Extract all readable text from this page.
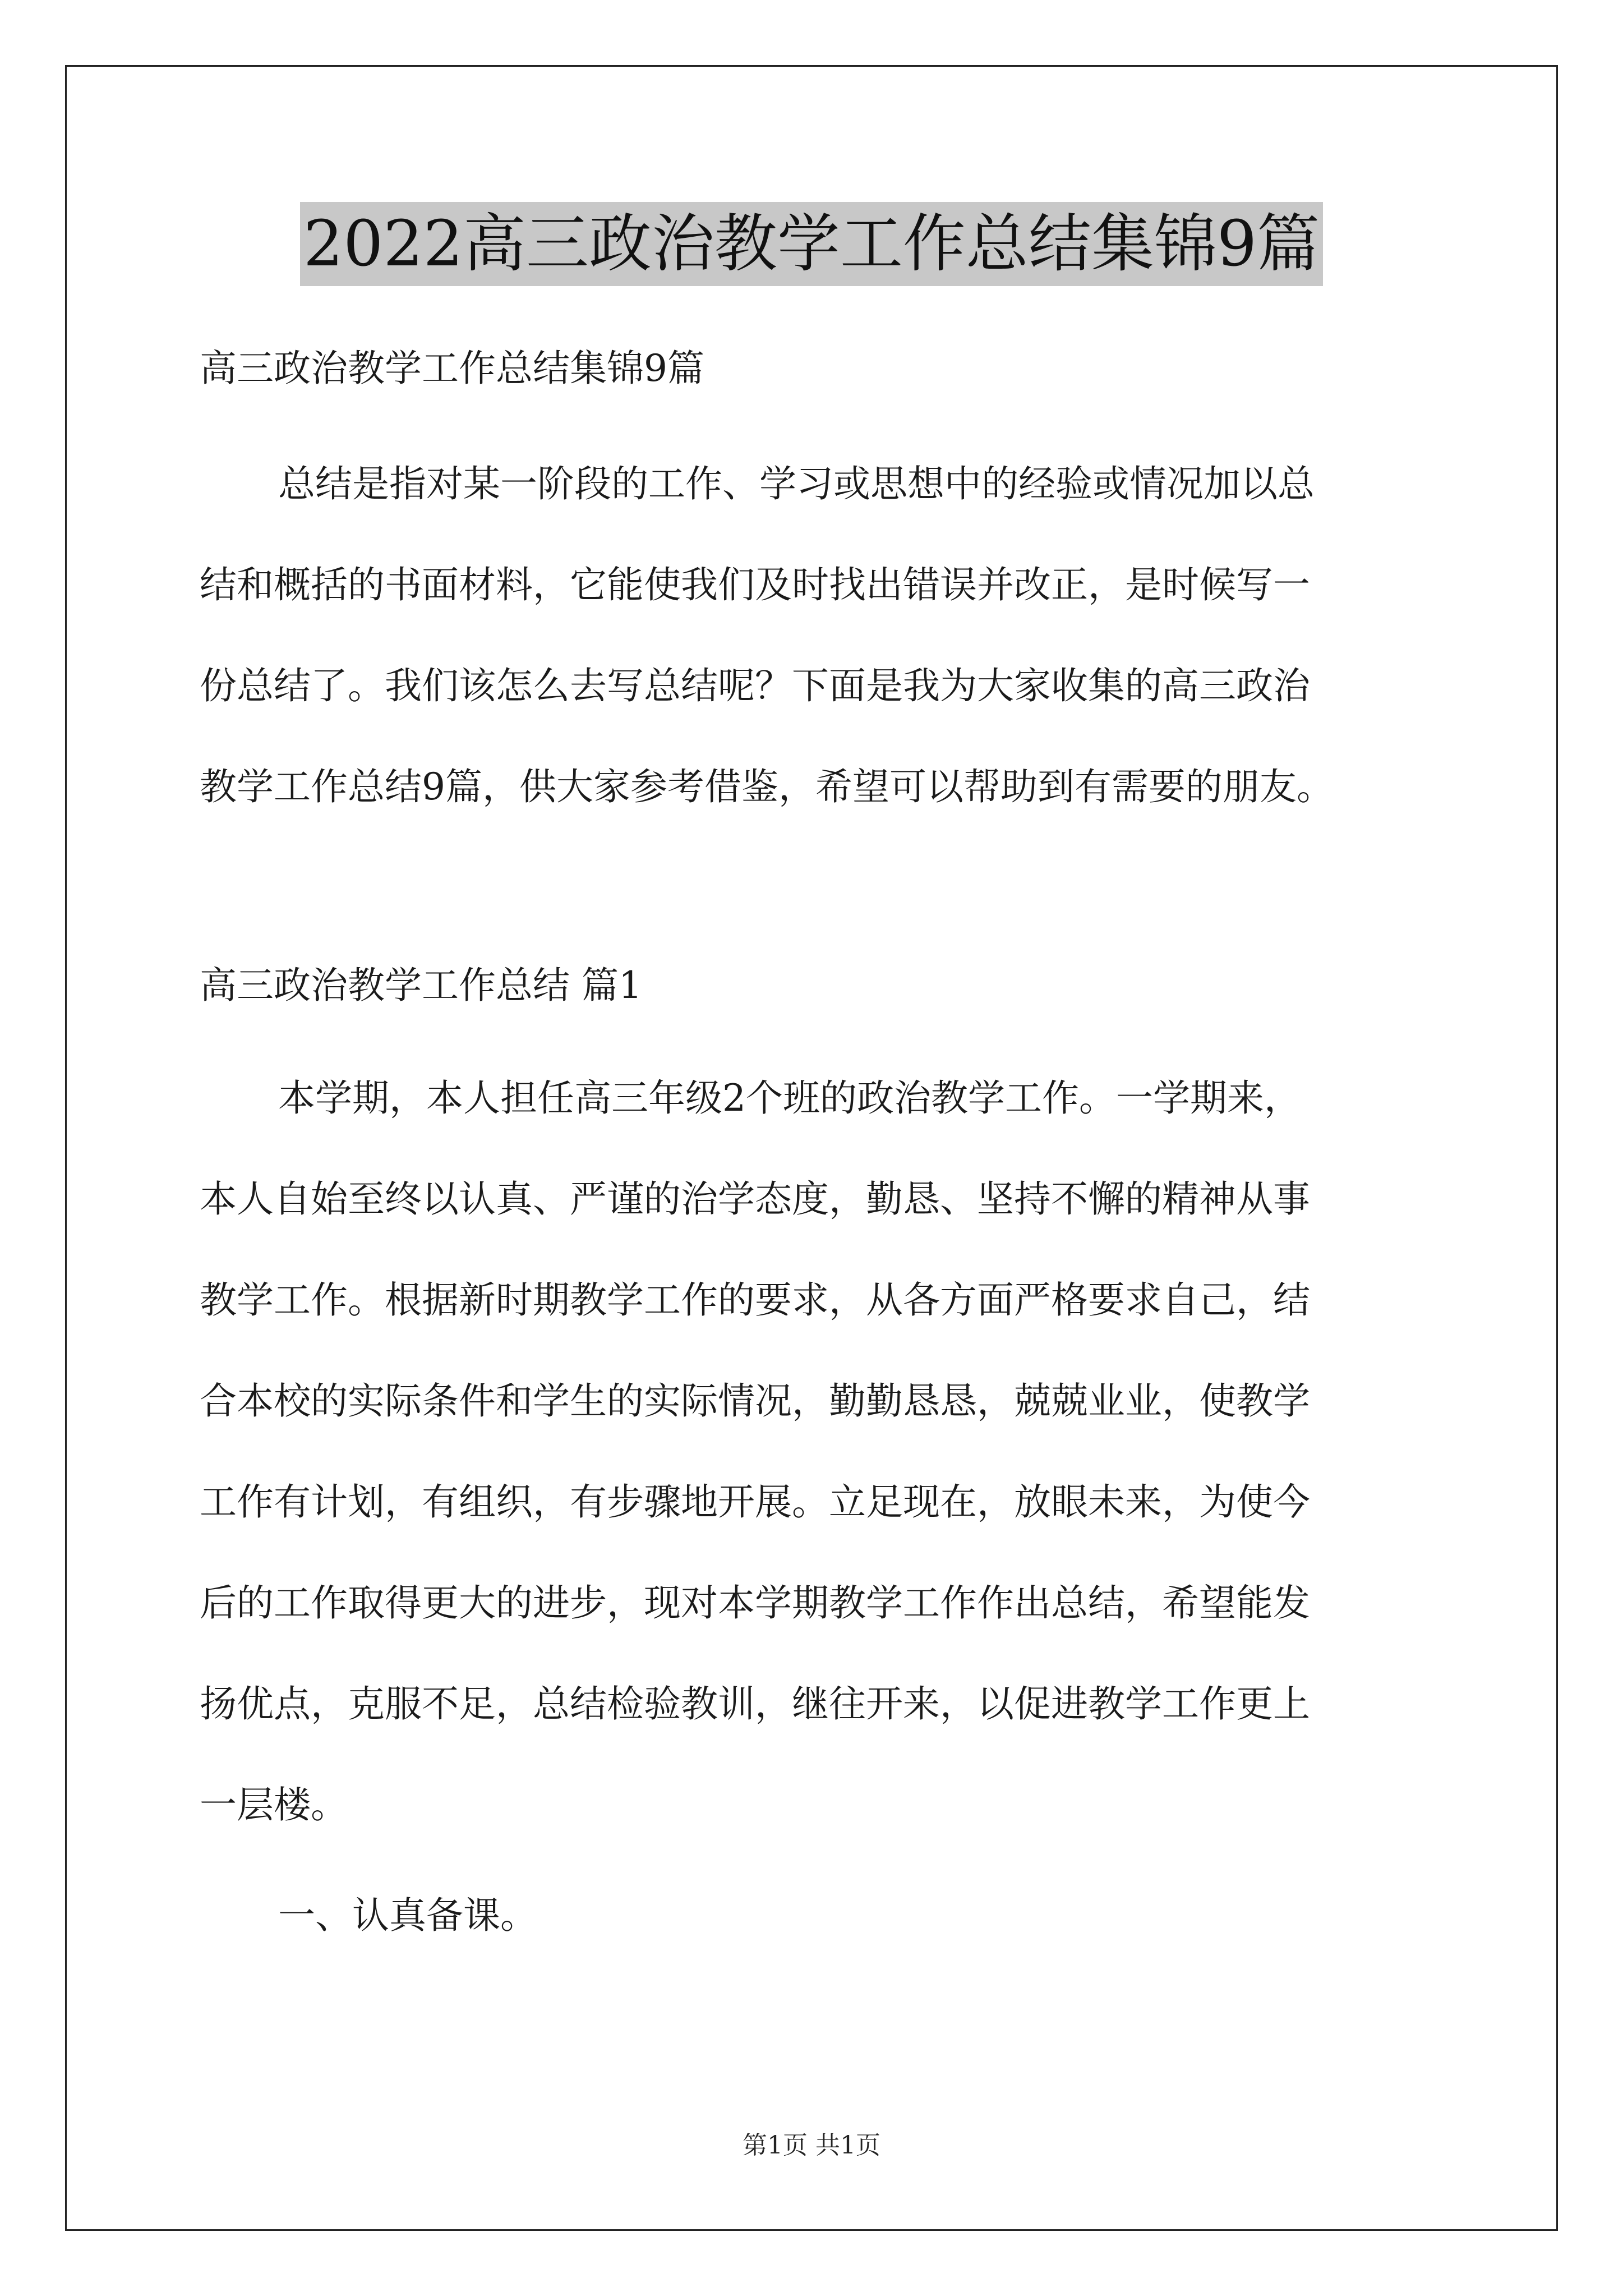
2022高三政治教学工作总结集锦9篇
高三政治教学工作总结集锦9篇
总结是指对某一阶段的工作、学习或思想中的经验或情况加以总
结和概括的书面材料，它能使我们及时找出错误并改正，是时候写一
份总结了。我们该怎么去写总结呢？下面是我为大家收集的高三政治
教学工作总结9篇，供大家参考借鉴，希望可以帮助到有需要的朋友。
高三政治教学工作总结 篇1
本学期，本人担任高三年级2个班的政治教学工作。一学期来，
本人自始至终以认真、严谨的治学态度，勤恳、坚持不懈的精神从事
教学工作。根据新时期教学工作的要求，从各方面严格要求自己，结
合本校的实际条件和学生的实际情况，勤勤恳恳，兢兢业业，使教学
工作有计划，有组织，有步骤地开展。立足现在，放眼未来，为使今
后的工作取得更大的进步，现对本学期教学工作作出总结，希望能发
扬优点，克服不足，总结检验教训，继往开来，以促进教学工作更上
一层楼。
一、认真备课。
第1页 共1页
